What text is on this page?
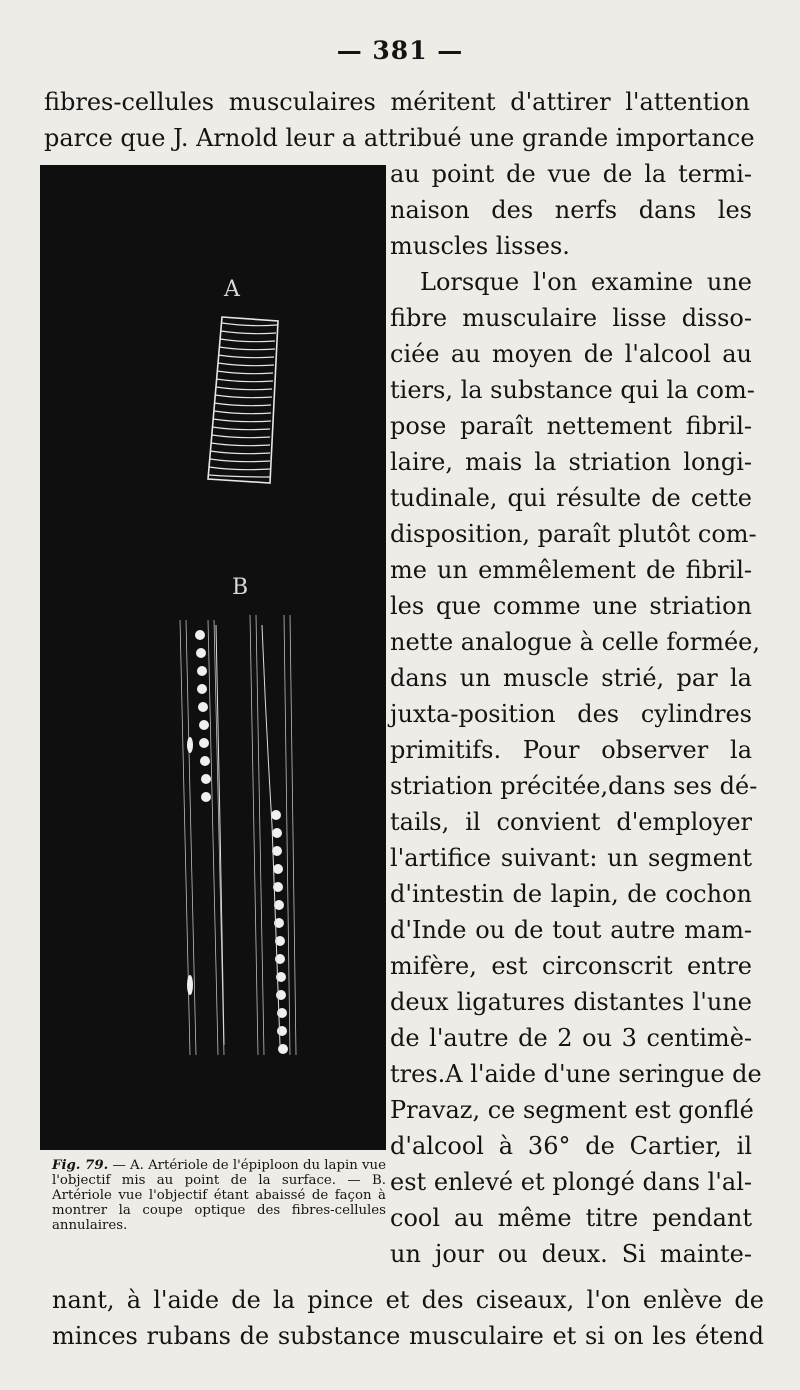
— 381 —
fibres-cellules musculaires méritent d'attirer l'attention
parce que J. Arnold leur a attribué une grande importance
A
B
Fig. 79. — A. Artériole de l'épiploon du lapin vue l'objectif mis au point de la surface. — B. Artériole vue l'objectif étant abaissé de façon à montrer la coupe optique des fibres-cellules annulaires.
au point de vue de la termi-
naison des nerfs dans les
muscles lisses.
Lorsque l'on examine une
fibre musculaire lisse disso-
ciée au moyen de l'alcool au
tiers, la substance qui la com-
pose paraît nettement fibril-
laire, mais la striation longi-
tudinale, qui résulte de cette
disposition, paraît plutôt com-
me un emmêlement de fibril-
les que comme une striation
nette analogue à celle formée,
dans un muscle strié, par la
juxta-position des cylindres
primitifs. Pour observer la
striation précitée,dans ses dé-
tails, il convient d'employer
l'artifice suivant: un segment
d'intestin de lapin, de cochon
d'Inde ou de tout autre mam-
mifère, est circonscrit entre
deux ligatures distantes l'une
de l'autre de 2 ou 3 centimè-
tres.A l'aide d'une seringue de
Pravaz, ce segment est gonflé
d'alcool à 36° de Cartier, il
est enlevé et plongé dans l'al-
cool au même titre pendant
un jour ou deux. Si mainte-
nant, à l'aide de la pince et des ciseaux, l'on enlève de
minces rubans de substance musculaire et si on les étend
